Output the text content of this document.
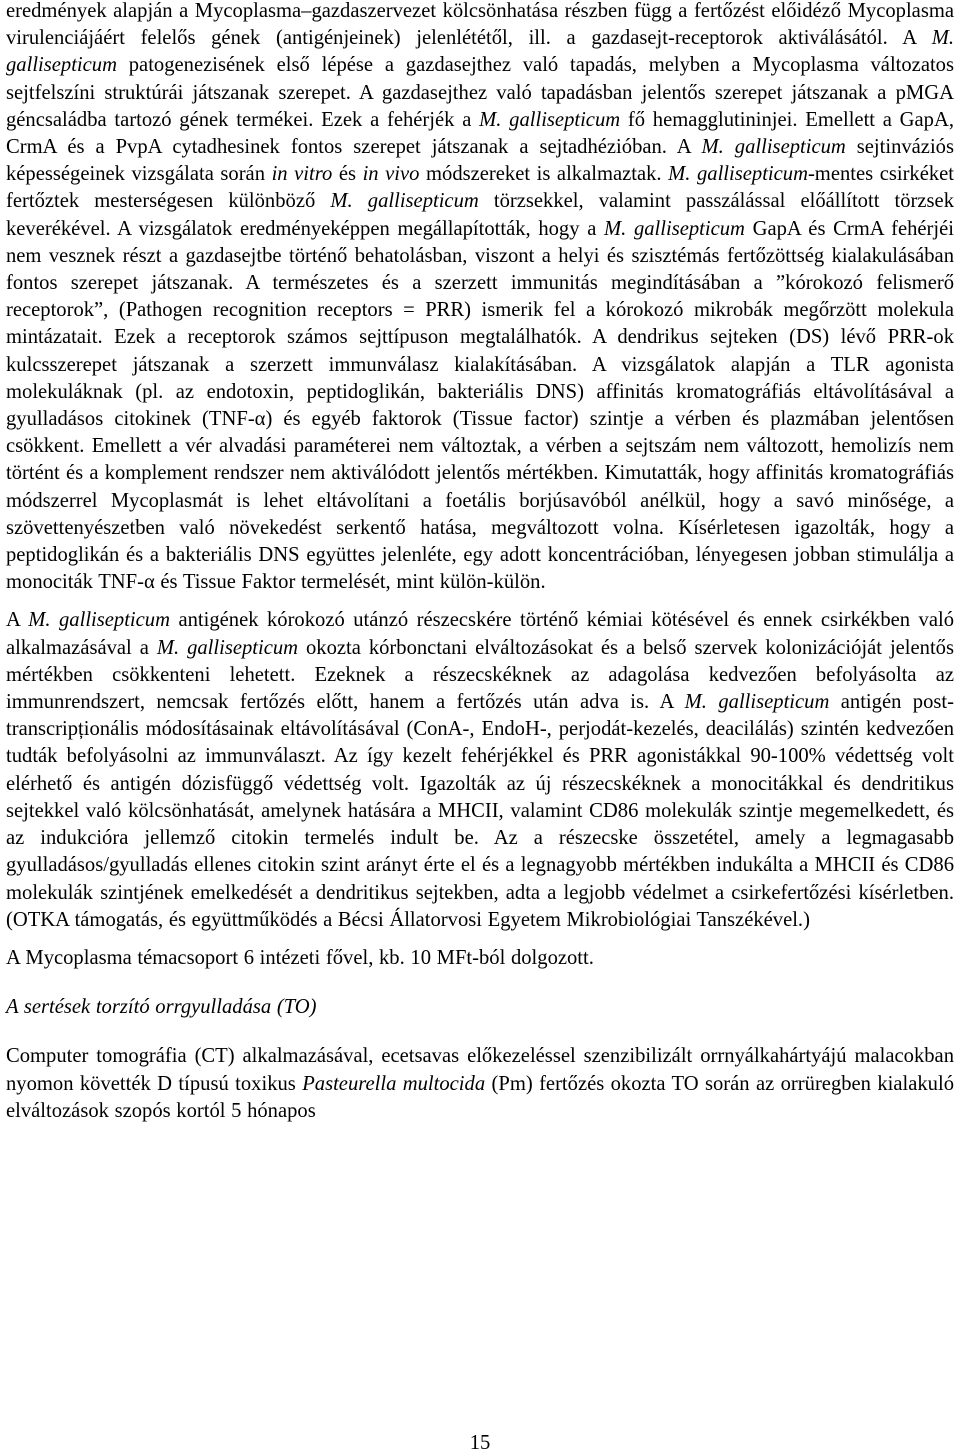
eredmények alapján a Mycoplasma–gazdaszervezet kölcsönhatása részben függ a fertőzést előidéző Mycoplasma virulenciájáért felelős gének (antigénjeinek) jelenlététől, ill. a gazdasejt-receptorok aktiválásától. A M. gallisepticum patogenezisének első lépése a gazdasejthez való tapadás, melyben a Mycoplasma változatos sejtfelszíni struktúrái játszanak szerepet. A gazdasejthez való tapadásban jelentős szerepet játszanak a pMGA géncsaládba tartozó gének termékei. Ezek a fehérjék a M. gallisepticum fő hemagglutininjei. Emellett a GapA, CrmA és a PvpA cytadhesinek fontos szerepet játszanak a sejtadhézióban. A M. gallisepticum sejtinváziós képességeinek vizsgálata során in vitro és in vivo módszereket is alkalmaztak. M. gallisepticum-mentes csirkéket fertőztek mesterségesen különböző M. gallisepticum törzsekkel, valamint passzálással előállított törzsek keverékével. A vizsgálatok eredményeképpen megállapították, hogy a M. gallisepticum GapA és CrmA fehérjéi nem vesznek részt a gazdasejtbe történő behatolásban, viszont a helyi és szisztémás fertőzöttség kialakulásában fontos szerepet játszanak. A természetes és a szerzett immunitás megindításában a ”kórokozó felismerő receptorok”, (Pathogen recognition receptors = PRR) ismerik fel a kórokozó mikrobák megőrzött molekula mintázatait. Ezek a receptorok számos sejttípuson megtalálhatók. A dendrikus sejteken (DS) lévő PRR-ok kulcsszerepet játszanak a szerzett immunválasz kialakításában. A vizsgálatok alapján a TLR agonista molekuláknak (pl. az endotoxin, peptidoglikán, bakteriális DNS) affinitás kromatográfiás eltávolításával a gyulladásos citokinek (TNF-α) és egyéb faktorok (Tissue factor) szintje a vérben és plazmában jelentősen csökkent. Emellett a vér alvadási paraméterei nem változtak, a vérben a sejtszám nem változott, hemolizís nem történt és a komplement rendszer nem aktiválódott jelentős mértékben. Kimutatták, hogy affinitás kromatográfiás módszerrel Mycoplasmát is lehet eltávolítani a foetális borjúsavóból anélkül, hogy a savó minősége, a szövettenyészetben való növekedést serkentő hatása, megváltozott volna. Kísérletesen igazolták, hogy a peptidoglikán és a bakteriális DNS együttes jelenléte, egy adott koncentrációban, lényegesen jobban stimulálja a monociták TNF-α és Tissue Faktor termelését, mint külön-külön.

A M. gallisepticum antigének kórokozó utánzó részecskére történő kémiai kötésével és ennek csirkékben való alkalmazásával a M. gallisepticum okozta kórbonctani elváltozásokat és a belső szervek kolonizációját jelentős mértékben csökkenteni lehetett. Ezeknek a részecskéknek az adagolása kedvezően befolyásolta az immunrendszert, nemcsak fertőzés előtt, hanem a fertőzés után adva is. A M. gallisepticum antigén post-transcripționális módosításainak eltávolításával (ConA-, EndoH-, perjodát-kezelés, deacilálás) szintén kedvezően tudták befolyásolni az immunválaszt. Az így kezelt fehérjékkel és PRR agonistákkal 90-100% védettség volt elérhető és antigén dózisfüggő védettség volt. Igazolták az új részecskéknek a monocitákkal és dendritikus sejtekkel való kölcsönhatását, amelynek hatására a MHCII, valamint CD86 molekulák szintje megemelkedett, és az indukcióra jellemző citokin termelés indult be. Az a részecske összetétel, amely a legmagasabb gyulladásos/gyulladás ellenes citokin szint arányt érte el és a legnagyobb mértékben indukálta a MHCII és CD86 molekulák szintjének emelkedését a dendritikus sejtekben, adta a legjobb védelmet a csirkefertőzési kísérletben. (OTKA támogatás, és együttműködés a Bécsi Állatorvosi Egyetem Mikrobiológiai Tanszékével.)

A Mycoplasma témacsoport 6 intézeti fővel, kb. 10 MFt-ból dolgozott.

A sertések torzító orrgyulladása (TO)

Computer tomográfia (CT) alkalmazásával, ecetsavas előkezeléssel szenzibilizált orrnyálkahártyájú malacokban nyomon követték D típusú toxikus Pasteurella multocida (Pm) fertőzés okozta TO során az orrüregben kialakuló elváltozások szopós kortól 5 hónapos

15
